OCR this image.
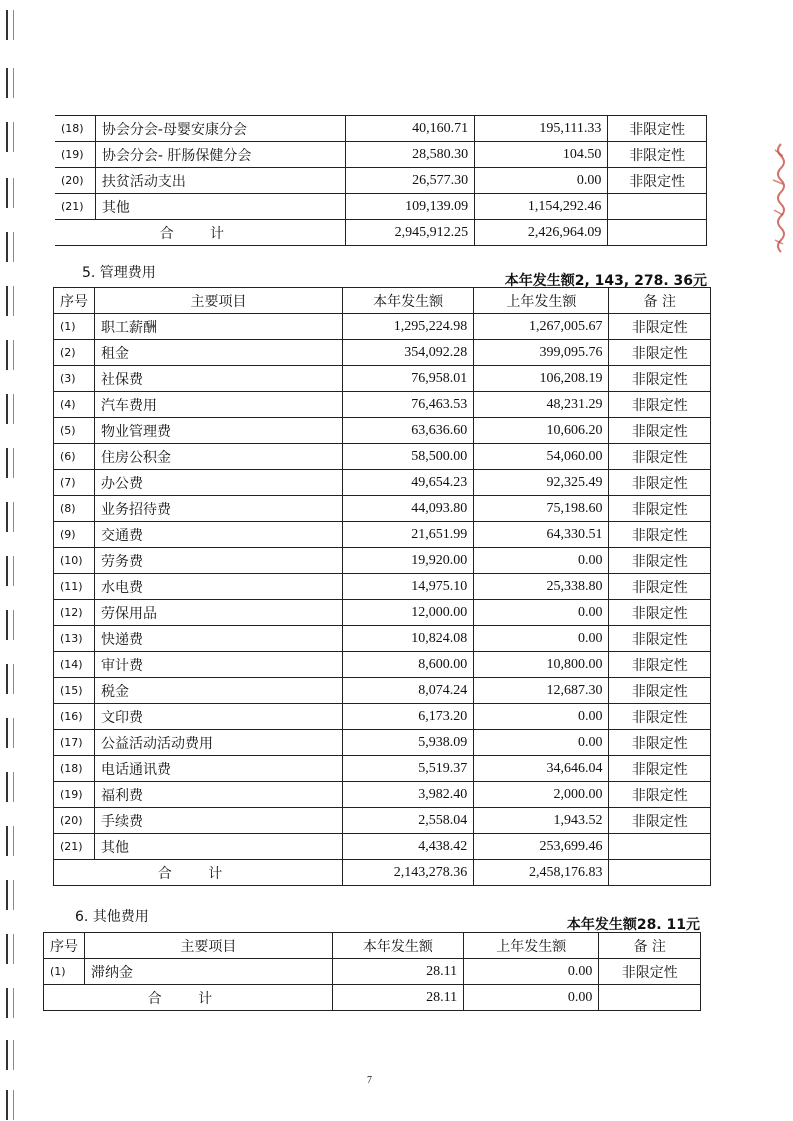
(18)	协会分会-母婴安康分会	40,160.71	195,111.33	非限定性
(19)	协会分会- 肝肠保健分会	28,580.30	104.50	非限定性
(20)	扶贫活动支出	26,577.30	0.00	非限定性
(21)	其他	109,139.09	1,154,292.46	
合 计		2,945,912.25	2,426,964.09	
5. 管理费用	本年发生额2, 143, 278. 36元
序号	主要项目	本年发生额	上年发生额	备 注
(1)	职工薪酬	1,295,224.98	1,267,005.67	非限定性
(2)	租金	354,092.28	399,095.76	非限定性
(3)	社保费	76,958.01	106,208.19	非限定性
(4)	汽车费用	76,463.53	48,231.29	非限定性
(5)	物业管理费	63,636.60	10,606.20	非限定性
(6)	住房公积金	58,500.00	54,060.00	非限定性
(7)	办公费	49,654.23	92,325.49	非限定性
(8)	业务招待费	44,093.80	75,198.60	非限定性
(9)	交通费	21,651.99	64,330.51	非限定性
(10)	劳务费	19,920.00	0.00	非限定性
(11)	水电费	14,975.10	25,338.80	非限定性
(12)	劳保用品	12,000.00	0.00	非限定性
(13)	快递费	10,824.08	0.00	非限定性
(14)	审计费	8,600.00	10,800.00	非限定性
(15)	税金	8,074.24	12,687.30	非限定性
(16)	文印费	6,173.20	0.00	非限定性
(17)	公益活动活动费用	5,938.09	0.00	非限定性
(18)	电话通讯费	5,519.37	34,646.04	非限定性
(19)	福利费	3,982.40	2,000.00	非限定性
(20)	手续费	2,558.04	1,943.52	非限定性
(21)	其他	4,438.42	253,699.46	
合 计		2,143,278.36	2,458,176.83	
6. 其他费用	本年发生额28. 11元
序号	主要项目	本年发生额	上年发生额	备 注
(1)	滞纳金	28.11	0.00	非限定性
合 计		28.11	0.00	
7
